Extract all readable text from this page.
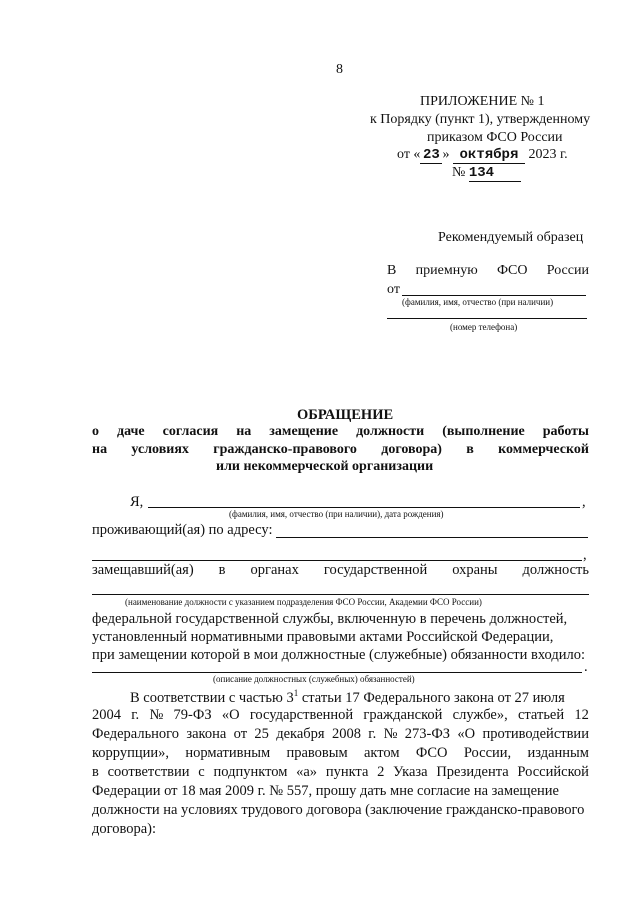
8
ПРИЛОЖЕНИЕ № 1
к Порядку (пункт 1), утвержденному
приказом ФСО России
от « 23 » октября 2023 г.
№ 134
Рекомендуемый образец
В приемную ФСО России
от
(фамилия, имя, отчество (при наличии)
(номер телефона)
ОБРАЩЕНИЕ
о даче согласия на замещение должности (выполнение работы
на условиях гражданско-правового договора) в коммерческой
или некоммерческой организации
Я,	,
(фамилия, имя, отчество (при наличии), дата рождения)
проживающий(ая) по адресу:
,
замещавший(ая) в органах государственной охраны должность
(наименование должности с указанием подразделения ФСО России, Академии ФСО России)
федеральной государственной службы, включенную в перечень должностей,
установленный нормативными правовыми актами Российской Федерации,
при замещении которой в мои должностные (служебные) обязанности входило:
.
(описание должностных (служебных) обязанностей)
В соответствии с частью $3^1$ статьи 17 Федерального закона от 27 июля
2004 г. № 79-ФЗ «О государственной гражданской службе», статьей 12
Федерального закона от 25 декабря 2008 г. № 273-ФЗ «О противодействии
коррупции», нормативным правовым актом ФСО России, изданным
в соответствии с подпунктом «а» пункта 2 Указа Президента Российской
Федерации от 18 мая 2009 г. № 557, прошу дать мне согласие на замещение
должности на условиях трудового договора (заключение гражданско-правового
договора):
